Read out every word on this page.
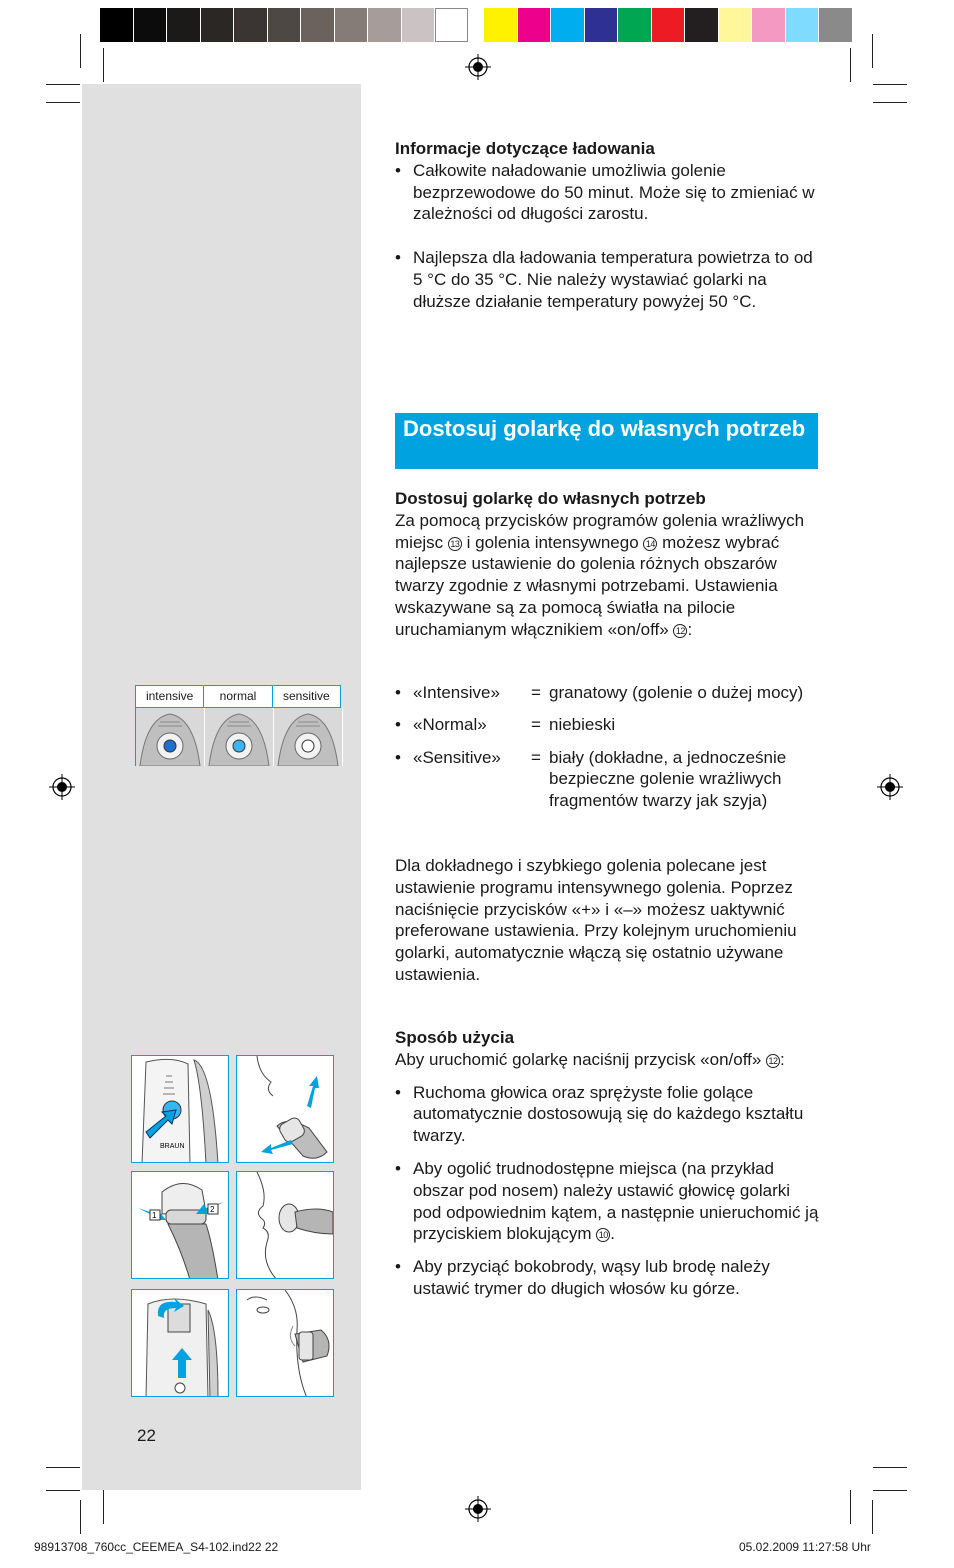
Informacje dotyczące ładowania

• Całkowite naładowanie umożliwia golenie bezprzewodowe do 50 minut. Może się to zmieniać w zależności od długości zarostu.

• Najlepsza dla ładowania temperatura powietrza to od 5 °C do 35 °C. Nie należy wystawiać golarki na dłuższe działanie temperatury powyżej 50 °C.

Dostosuj golarkę do własnych potrzeb

Dostosuj golarkę do własnych potrzeb

Za pomocą przycisków programów golenia wrażliwych miejsc 13 i golenia intensywnego 14 możesz wybrać najlepsze ustawienie do golenia różnych obszarów twarzy zgodnie z własnymi potrzebami. Ustawienia wskazywane są za pomocą światła na pilocie uruchamianym włącznikiem «on/off» 12 :

• «Intensive»	= granatowy (golenie o dużej mocy)
• «Normal»	= niebieski
• «Sensitive»	= biały (dokładne, a jednocześnie bezpieczne golenie wrażliwych fragmentów twarzy jak szyja)
Dla dokładnego i szybkiego golenia polecane jest ustawienie programu intensywnego golenia. Poprzez naciśnięcie przycisków «+» i «–» możesz uaktywnić preferowane ustawienia. Przy kolejnym uruchomieniu golarki, automatycznie włączą się ostatnio używane ustawienia.

Sposób użycia

Aby uruchomić golarkę naciśnij przycisk «on/off» 12 :

• Ruchoma głowica oraz sprężyste folie golące automatycznie dostosowują się do każdego kształtu twarzy.

• Aby ogolić trudnodostępne miejsca (na przykład obszar pod nosem) należy ustawić głowicę golarki pod odpowiednim kątem, a następnie unieruchomić ją przyciskiem blokującym 10 .

• Aby przyciąć bokobrody, wąsy lub brodę należy ustawić trymer do długich włosów ku górze.

intensive	normal	sensitive
BRAUN
1
2
22
98913708_760cc_CEEMEA_S4-102.ind22 22	05.02.2009 11:27:58 Uhr
